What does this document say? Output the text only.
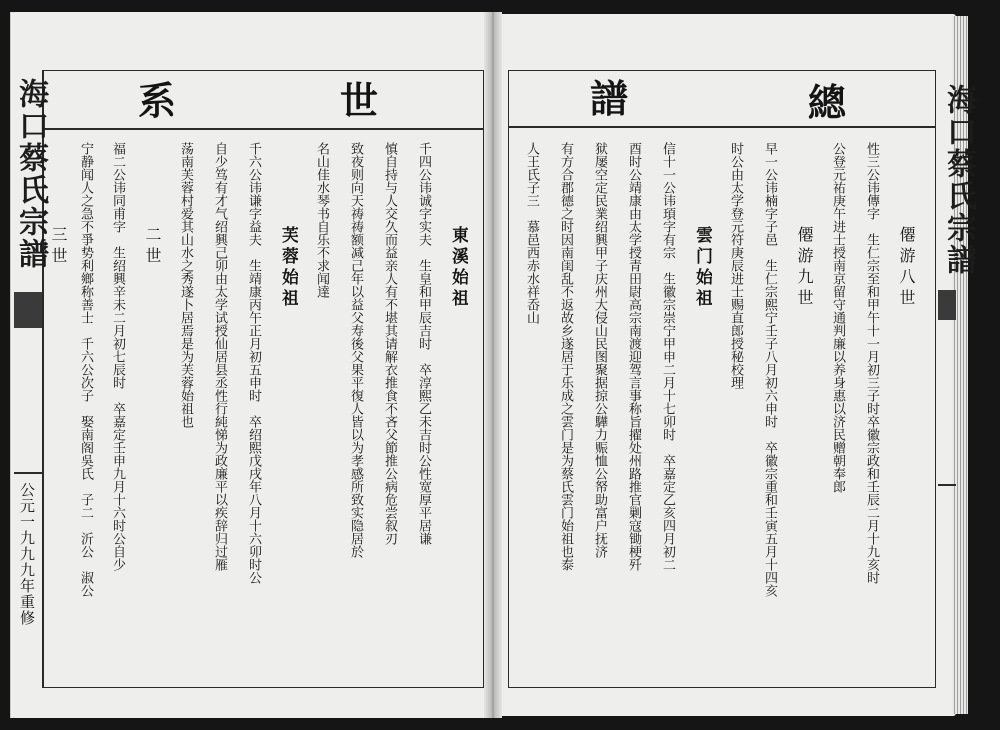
海口蔡氏宗譜
公元一九九九年重修
系	世
東溪始祖
千四公讳诚字实夫　生皇和甲辰吉时　卒淳熙乙未吉时公性宽厚平居谦
慎自持与人交久而益亲人有不堪其请解衣推食不吝父節推公病危尝叙刃
致夜则向天祷祷额减己年以益父寿後父果平復人皆以为孝感所致实隐居於
名山佳水琴书自乐不求闻達
芙蓉始祖
千六公讳谦字益夫　生靖康丙午正月初五申时　卒绍熙戊戌年八月十六卯时公
自少笃有才气绍興己卯由太学试授仙居县丞性行純悌为政廉平以疾辞归过雁
荡南芙蓉村爱其山水之秀遂卜居焉是为芙蓉始祖也
二世
福二公讳同甫字　生绍興辛未二月初七辰时　卒嘉定壬申九月十六时公自少
宁静闻人之急不爭势利鄉称善士　千六公次子　娶南阁吳氏　子二　沂公　淑公
三世	海口蔡氏宗譜
譜	總
僊游八世
性三公讳傳字　生仁宗至和甲午十一月初三子时卒徽宗政和壬辰二月十九亥时
公登元祐庚午进士授南京留守通判廉以养身惠以济民赠朝奉郎
僊游九世
早一公讳楠字子邑　生仁宗熙宁壬子八月初六申时　卒徽宗重和壬寅五月十四亥
时公由太学登元符庚辰进士赐直郎授秘校理
雲门始祖
信十一公讳頊字有宗　生徽宗崇宁甲申二月十七卯时　卒嘉定乙亥四月初二
酉时公靖康由太学授青田尉高宗南渡迎驾言事称旨擢处州路推官剿寇锄梗歼
狱屡空定民業绍興甲子庆州大侵山民图聚据掠公驊力赈恤公帑助富户抚济
有方合郡德之时因南闺乱不返故乡遂居于乐成之雲门是为蔡氏雲门始祖也泰
人王氏子三　慕邑西赤水祥岙山
